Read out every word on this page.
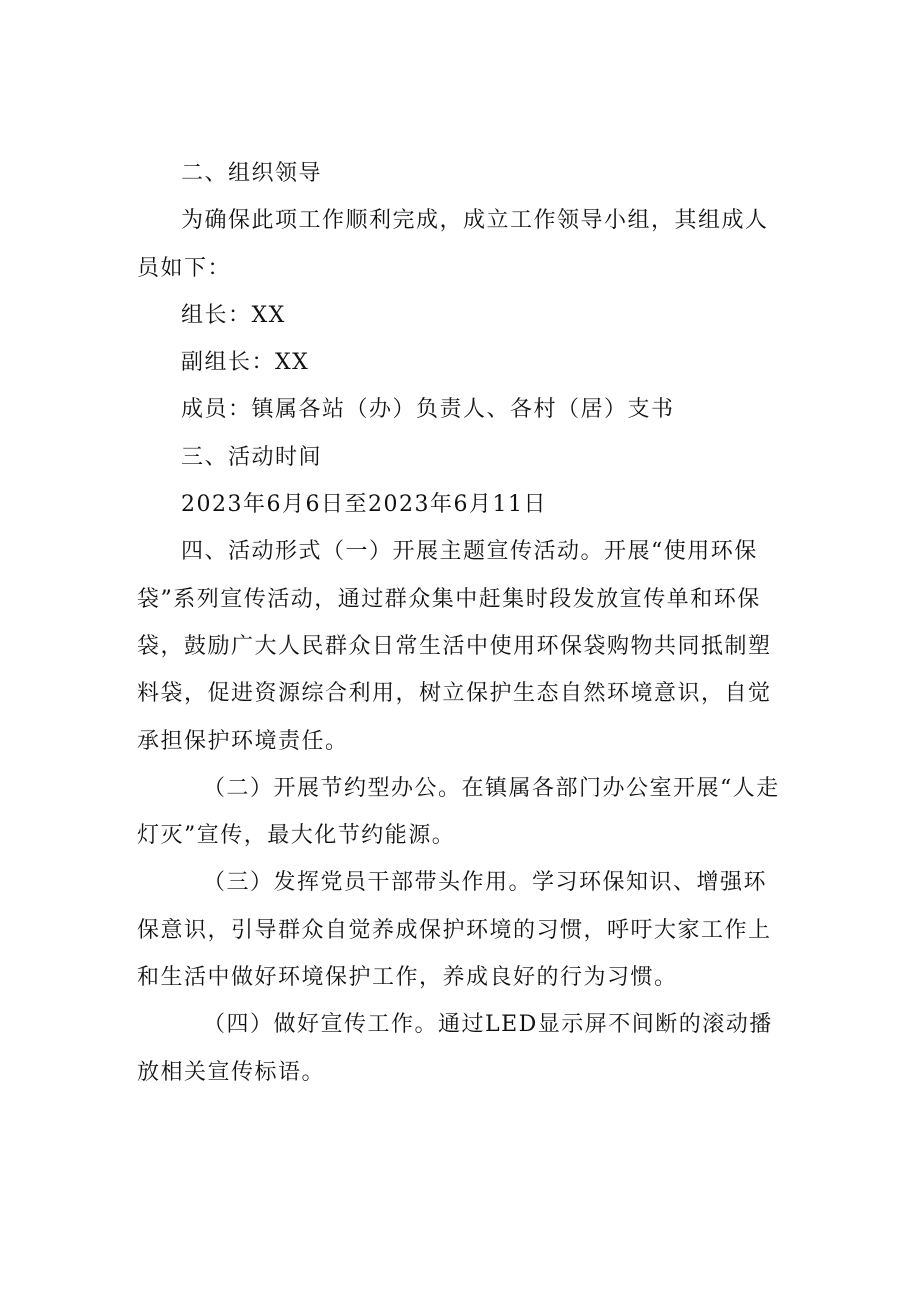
二、组织领导

为确保此项工作顺利完成，成立工作领导小组，其组成人员如下：

组长：XX

副组长：XX

成员：镇属各站（办）负责人、各村（居）支书

三、活动时间

2023年6月6日至2023年6月11日

四、活动形式（一）开展主题宣传活动。开展“使用环保袋”系列宣传活动，通过群众集中赶集时段发放宣传单和环保袋，鼓励广大人民群众日常生活中使用环保袋购物共同抵制塑料袋，促进资源综合利用，树立保护生态自然环境意识，自觉承担保护环境责任。

（二）开展节约型办公。在镇属各部门办公室开展“人走灯灭”宣传，最大化节约能源。

（三）发挥党员干部带头作用。学习环保知识、增强环保意识，引导群众自觉养成保护环境的习惯，呼吁大家工作上和生活中做好环境保护工作，养成良好的行为习惯。

（四）做好宣传工作。通过LED显示屏不间断的滚动播放相关宣传标语。
